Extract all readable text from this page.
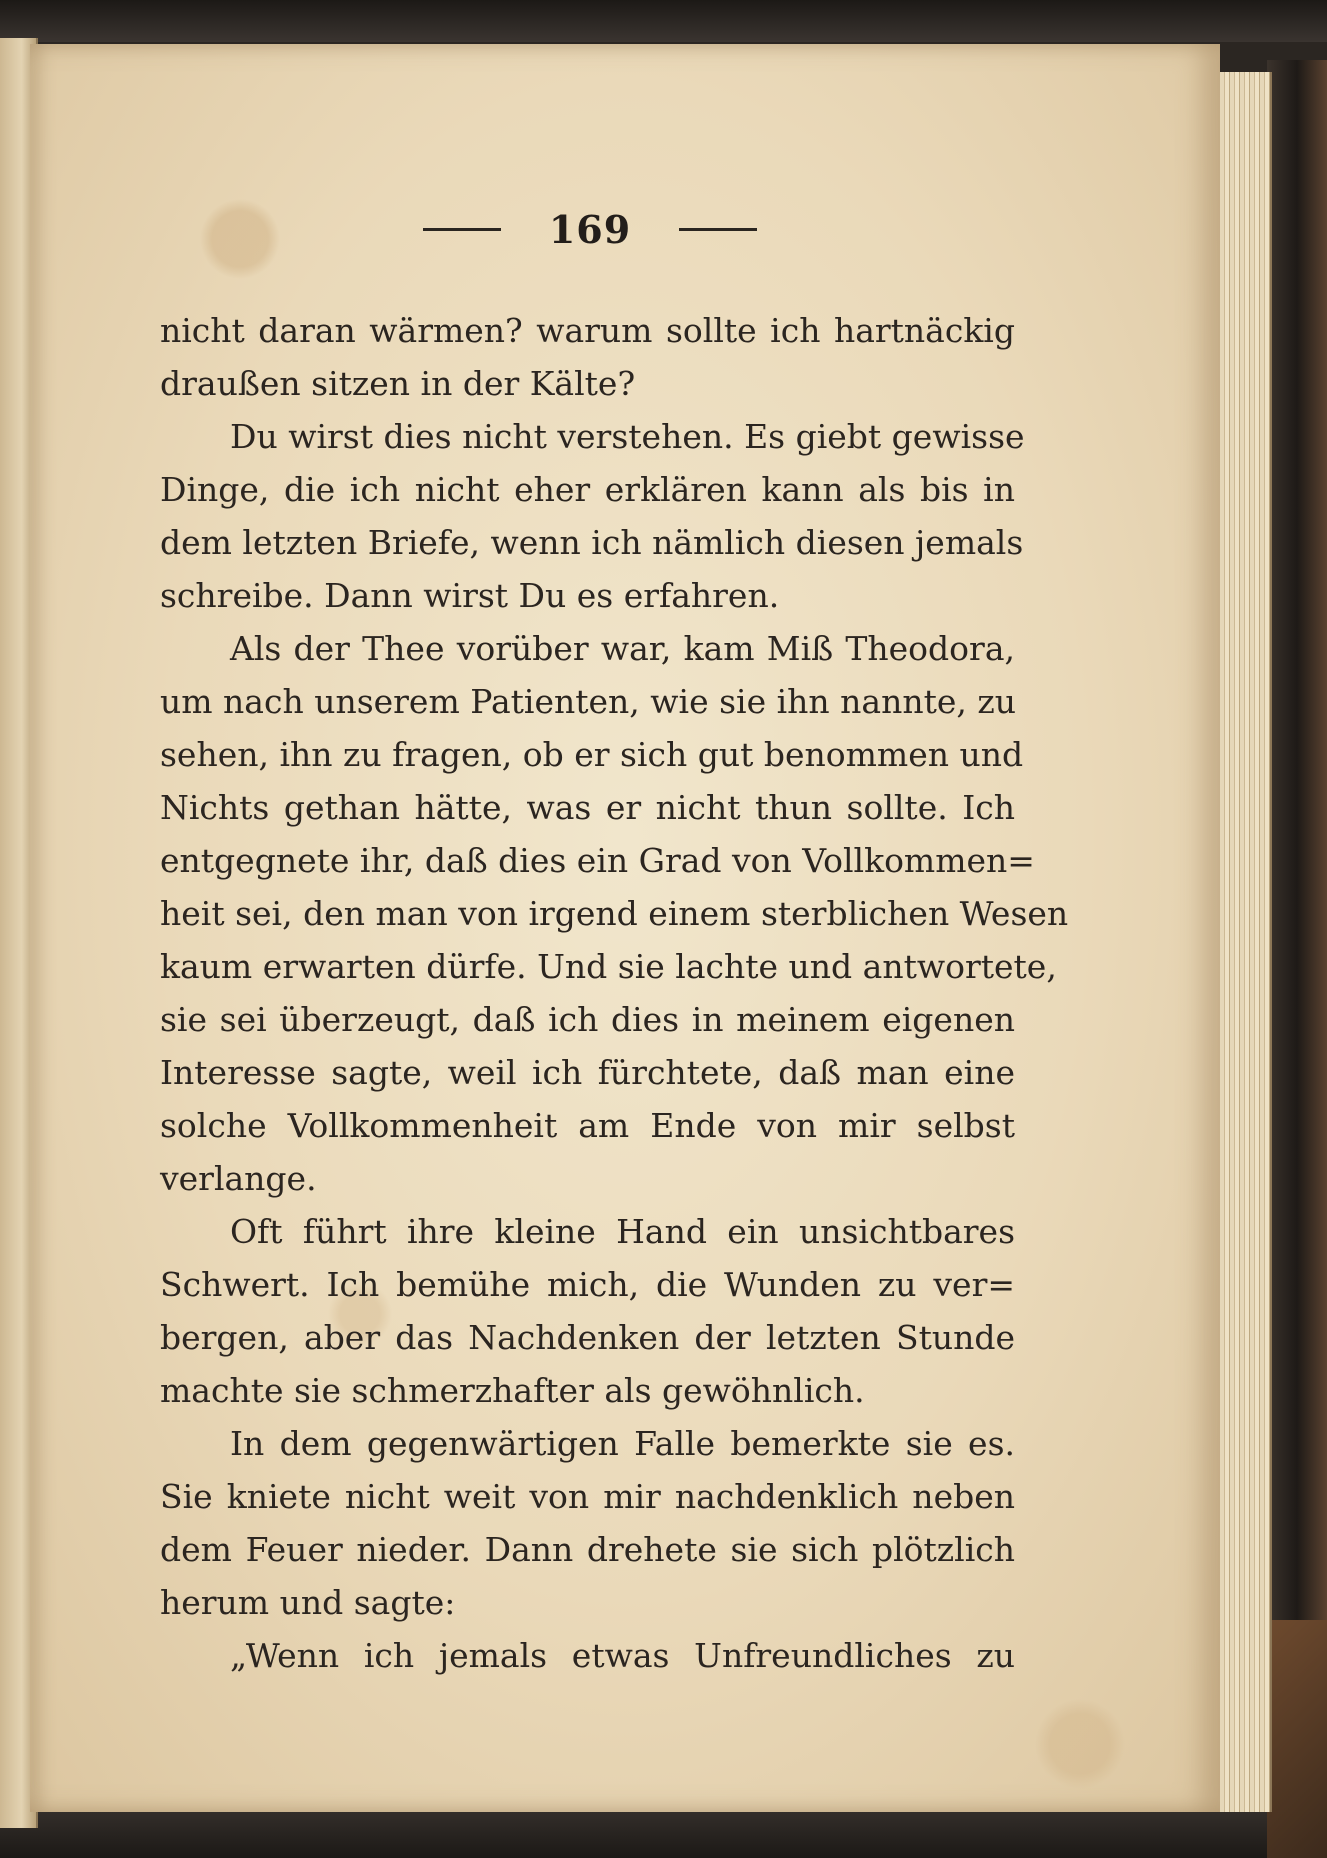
169
nicht daran wärmen? warum sollte ich hartnäckig
draußen sitzen in der Kälte?
Du wirst dies nicht verstehen. Es giebt gewisse
Dinge, die ich nicht eher erklären kann als bis in
dem letzten Briefe, wenn ich nämlich diesen jemals
schreibe. Dann wirst Du es erfahren.
Als der Thee vorüber war, kam Miß Theodora,
um nach unserem Patienten, wie sie ihn nannte, zu
sehen, ihn zu fragen, ob er sich gut benommen und
Nichts gethan hätte, was er nicht thun sollte. Ich
entgegnete ihr, daß dies ein Grad von Vollkommen=
heit sei, den man von irgend einem sterblichen Wesen
kaum erwarten dürfe. Und sie lachte und antwortete,
sie sei überzeugt, daß ich dies in meinem eigenen
Interesse sagte, weil ich fürchtete, daß man eine
solche Vollkommenheit am Ende von mir selbst
verlange.
Oft führt ihre kleine Hand ein unsichtbares
Schwert. Ich bemühe mich, die Wunden zu ver=
bergen, aber das Nachdenken der letzten Stunde
machte sie schmerzhafter als gewöhnlich.
In dem gegenwärtigen Falle bemerkte sie es.
Sie kniete nicht weit von mir nachdenklich neben
dem Feuer nieder. Dann drehete sie sich plötzlich
herum und sagte:
„Wenn ich jemals etwas Unfreundliches zu
